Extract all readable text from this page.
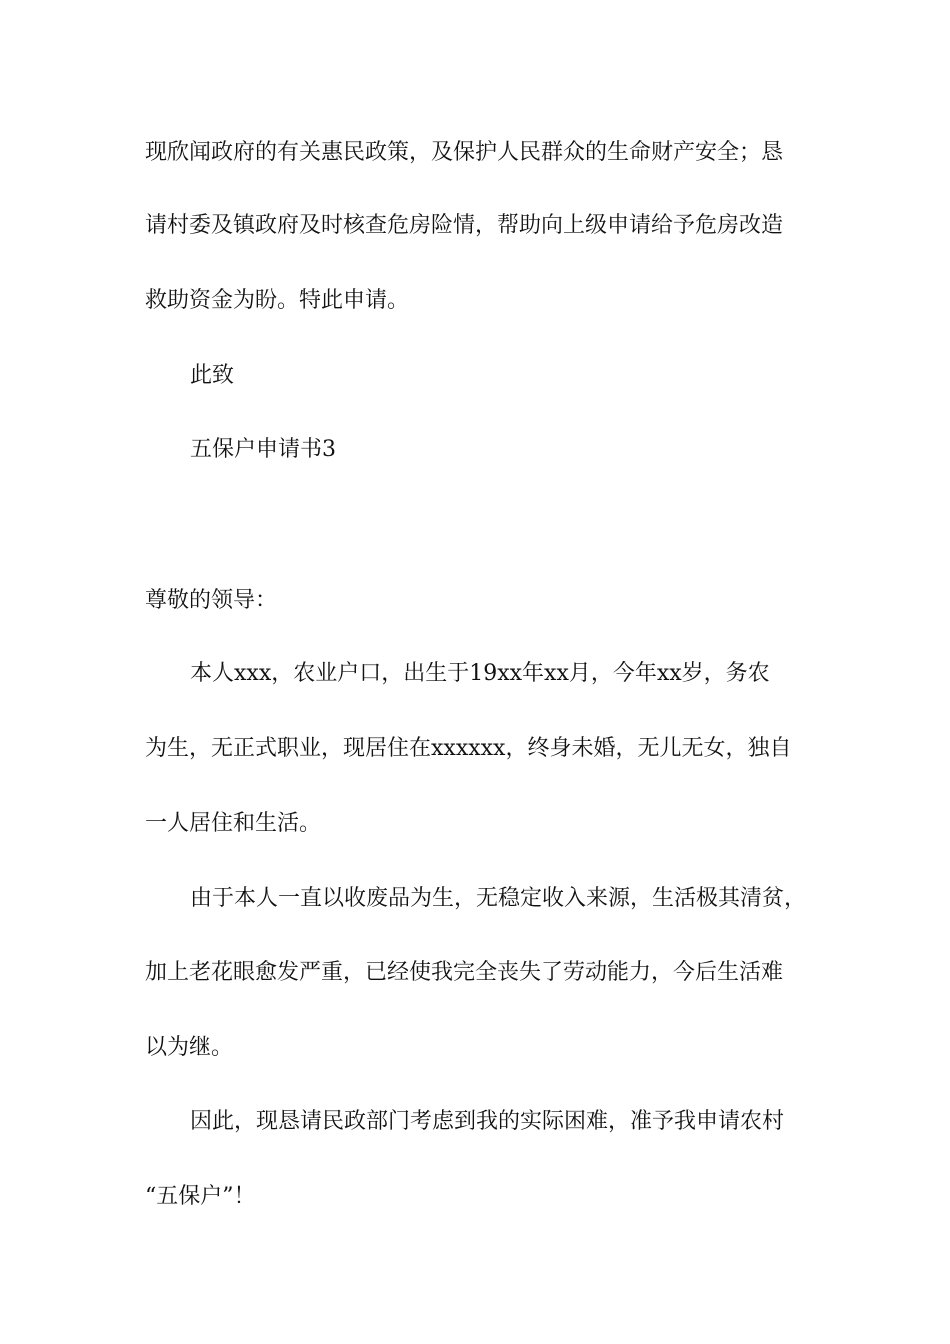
现欣闻政府的有关惠民政策，及保护人民群众的生命财产安全；恳

请村委及镇政府及时核查危房险情，帮助向上级申请给予危房改造

救助资金为盼。特此申请。

此致

五保户申请书3

尊敬的领导：

本人xxx，农业户口，出生于19xx年xx月，今年xx岁，务农

为生，无正式职业，现居住在xxxxxx，终身未婚，无儿无女，独自

一人居住和生活。

由于本人一直以收废品为生，无稳定收入来源，生活极其清贫，

加上老花眼愈发严重，已经使我完全丧失了劳动能力，今后生活难

以为继。

因此，现恳请民政部门考虑到我的实际困难，准予我申请农村

“五保户”！
